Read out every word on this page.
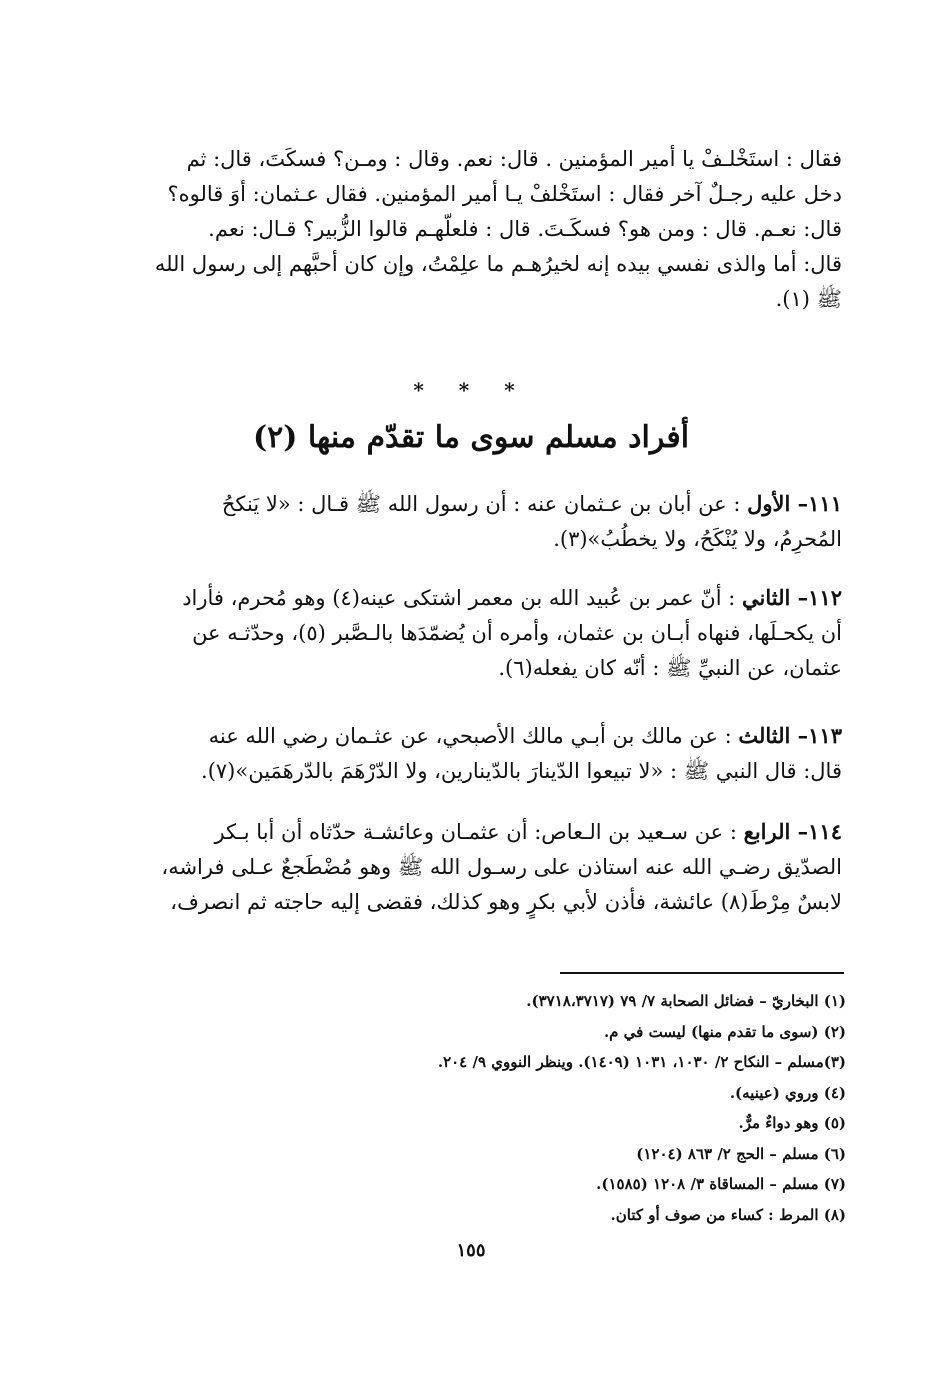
فقال : استَخْلـفْ يا أمير المؤمنين . قال: نعم. وقال : ومـن؟ فسكَتَ، قال: ثم
دخل عليه رجـلٌ آخر فقال : استَخْلفْ يـا أمير المؤمنين. فقال عـثمان: أوَ قالوه؟
قال: نعـم. قال : ومن هو؟ فسكَـتَ. قال : فلعلّهـم قالوا الزُّبير؟ قـال: نعم.
قال: أما والذى نفسي بيده إنه لخيرُهـم ما علِمْتُ، وإن كان أحبَّهم إلى رسول الله
ﷺ (١).
* * *
أفراد مسلم سوى ما تقدّم منها (٢)
١١١– الأول : عن أبان بن عـثمان عنه : أن رسول الله ﷺ قـال : «لا يَنكحُ
المُحرِمُ، ولا يُنْكَحُ، ولا يخطُبُ»(٣).
١١٢– الثاني : أنّ عمر بن عُبيد الله بن معمر اشتكى عينه(٤) وهو مُحرم، فأراد
أن يكحـلَها، فنهاه أبـان بن عثمان، وأمره أن يُضمّدَها بالـصَّبر (٥)، وحدّثـه عن
عثمان، عن النبيِّ ﷺ : أنّه كان يفعله(٦).
١١٣– الثالث : عن مالك بن أبـي مالك الأصبحي، عن عثـمان رضي الله عنه
قال: قال النبي ﷺ : «لا تبيعوا الدّينارَ بالدّينارين، ولا الدّرْهَمَ بالدّرهَمَين»(٧).
١١٤– الرابع : عن سـعيد بن الـعاص: أن عثمـان وعائشـة حدّثاه أن أبا بـكر
الصدّيق رضـي الله عنه استاذن على رسـول الله ﷺ وهو مُضْطَجعٌ عـلى فراشه،
لابسٌ مِرْطَ(٨) عائشة، فأذن لأبي بكرٍ وهو كذلك، فقضى إليه حاجته ثم انصرف،
(١) البخاريّ – فضائل الصحابة ٧/ ٧٩ (٣٧١٨،٣٧١٧).
(٢) (سوى ما تقدم منها) ليست في م.
(٣)مسلم – النكاح ٢/ ١٠٣٠، ١٠٣١ (١٤٠٩). وينظر النووي ٩/ ٢٠٤.
(٤) وروي (عينيه).
(٥) وهو دواءٌ مرٌّ.
(٦) مسلم – الحج ٢/ ٨٦٣ (١٢٠٤)
(٧) مسلم – المساقاة ٣/ ١٢٠٨ (١٥٨٥).
(٨) المرط : كساء من صوف أو كتان.
١٥٥
